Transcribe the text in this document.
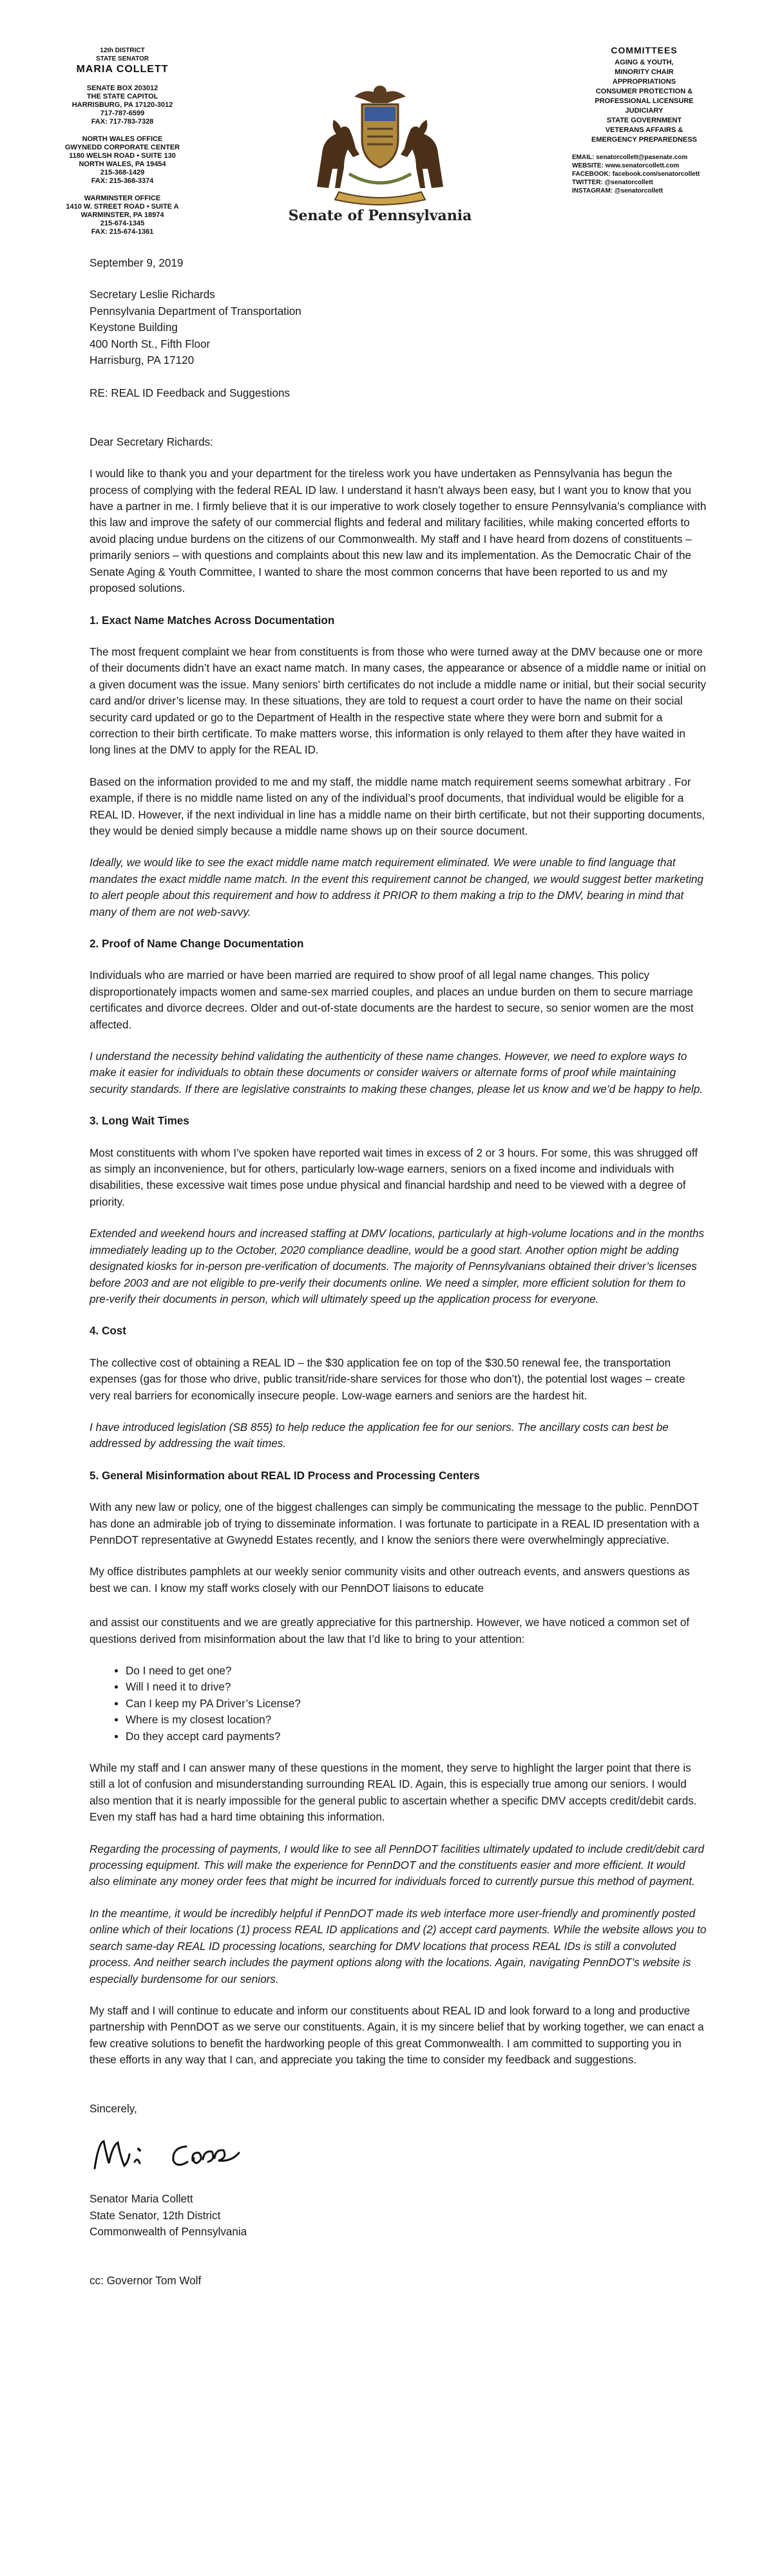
12th DISTRICT
STATE SENATOR
MARIA COLLETT
SENATE BOX 203012
THE STATE CAPITOL
HARRISBURG, PA 17120-3012
717-787-6599
FAX: 717-783-7328
NORTH WALES OFFICE
GWYNEDD CORPORATE CENTER
1180 WELSH ROAD • SUITE 130
NORTH WALES, PA 19454
215-368-1429
FAX: 215-368-3374
WARMINSTER OFFICE
1410 W. STREET ROAD • SUITE A
WARMINSTER, PA 18974
215-674-1345
FAX: 215-674-1361
Senate of Pennsylvania
COMMITTEES
AGING & YOUTH,
MINORITY CHAIR
APPROPRIATIONS
CONSUMER PROTECTION &
PROFESSIONAL LICENSURE
JUDICIARY
STATE GOVERNMENT
VETERANS AFFAIRS &
EMERGENCY PREPAREDNESS
EMAIL: senatorcollett@pasenate.com
WEBSITE: www.senatorcollett.com
FACEBOOK: facebook.com/senatorcollett
TWITTER: @senatorcollett
INSTAGRAM: @senatorcollett

September 9, 2019

Secretary Leslie Richards

Pennsylvania Department of Transportation

Keystone Building

400 North St., Fifth Floor

Harrisburg, PA 17120

RE: REAL ID Feedback and Suggestions

Dear Secretary Richards:

I would like to thank you and your department for the tireless work you have undertaken as Pennsylvania has begun the process of complying with the federal REAL ID law. I understand it hasn’t always been easy, but I want you to know that you have a partner in me. I firmly believe that it is our imperative to work closely together to ensure Pennsylvania’s compliance with this law and improve the safety of our commercial flights and federal and military facilities, while making concerted efforts to avoid placing undue burdens on the citizens of our Commonwealth. My staff and I have heard from dozens of constituents – primarily seniors – with questions and complaints about this new law and its implementation. As the Democratic Chair of the Senate Aging & Youth Committee, I wanted to share the most common concerns that have been reported to us and my proposed solutions.

1. Exact Name Matches Across Documentation

The most frequent complaint we hear from constituents is from those who were turned away at the DMV because one or more of their documents didn’t have an exact name match. In many cases, the appearance or absence of a middle name or initial on a given document was the issue. Many seniors’ birth certificates do not include a middle name or initial, but their social security card and/or driver’s license may. In these situations, they are told to request a court order to have the name on their social security card updated or go to the Department of Health in the respective state where they were born and submit for a correction to their birth certificate. To make matters worse, this information is only relayed to them after they have waited in long lines at the DMV to apply for the REAL ID.

Based on the information provided to me and my staff, the middle name match requirement seems somewhat arbitrary . For example, if there is no middle name listed on any of the individual’s proof documents, that individual would be eligible for a REAL ID. However, if the next individual in line has a middle name on their birth certificate, but not their supporting documents, they would be denied simply because a middle name shows up on their source document.

Ideally, we would like to see the exact middle name match requirement eliminated. We were unable to find language that mandates the exact middle name match. In the event this requirement cannot be changed, we would suggest better marketing to alert people about this requirement and how to address it PRIOR to them making a trip to the DMV, bearing in mind that many of them are not web-savvy.

2. Proof of Name Change Documentation

Individuals who are married or have been married are required to show proof of all legal name changes. This policy disproportionately impacts women and same-sex married couples, and places an undue burden on them to secure marriage certificates and divorce decrees. Older and out-of-state documents are the hardest to secure, so senior women are the most affected.

I understand the necessity behind validating the authenticity of these name changes. However, we need to explore ways to make it easier for individuals to obtain these documents or consider waivers or alternate forms of proof while maintaining security standards. If there are legislative constraints to making these changes, please let us know and we’d be happy to help.

3. Long Wait Times

Most constituents with whom I’ve spoken have reported wait times in excess of 2 or 3 hours. For some, this was shrugged off as simply an inconvenience, but for others, particularly low-wage earners, seniors on a fixed income and individuals with disabilities, these excessive wait times pose undue physical and financial hardship and need to be viewed with a degree of priority.

Extended and weekend hours and increased staffing at DMV locations, particularly at high-volume locations and in the months immediately leading up to the October, 2020 compliance deadline, would be a good start. Another option might be adding designated kiosks for in-person pre-verification of documents. The majority of Pennsylvanians obtained their driver’s licenses before 2003 and are not eligible to pre-verify their documents online. We need a simpler, more efficient solution for them to pre-verify their documents in person, which will ultimately speed up the application process for everyone.

4. Cost

The collective cost of obtaining a REAL ID – the $30 application fee on top of the $30.50 renewal fee, the transportation expenses (gas for those who drive, public transit/ride-share services for those who don’t), the potential lost wages – create very real barriers for economically insecure people. Low-wage earners and seniors are the hardest hit.

I have introduced legislation (SB 855) to help reduce the application fee for our seniors. The ancillary costs can best be addressed by addressing the wait times.

5. General Misinformation about REAL ID Process and Processing Centers

With any new law or policy, one of the biggest challenges can simply be communicating the message to the public. PennDOT has done an admirable job of trying to disseminate information. I was fortunate to participate in a REAL ID presentation with a PennDOT representative at Gwynedd Estates recently, and I know the seniors there were overwhelmingly appreciative.

My office distributes pamphlets at our weekly senior community visits and other outreach events, and answers questions as best we can. I know my staff works closely with our PennDOT liaisons to educate

and assist our constituents and we are greatly appreciative for this partnership. However, we have noticed a common set of questions derived from misinformation about the law that I’d like to bring to your attention:

• Do I need to get one?
• Will I need it to drive?
• Can I keep my PA Driver’s License?
• Where is my closest location?
• Do they accept card payments?

While my staff and I can answer many of these questions in the moment, they serve to highlight the larger point that there is still a lot of confusion and misunderstanding surrounding REAL ID. Again, this is especially true among our seniors. I would also mention that it is nearly impossible for the general public to ascertain whether a specific DMV accepts credit/debit cards. Even my staff has had a hard time obtaining this information.

Regarding the processing of payments, I would like to see all PennDOT facilities ultimately updated to include credit/debit card processing equipment. This will make the experience for PennDOT and the constituents easier and more efficient. It would also eliminate any money order fees that might be incurred for individuals forced to currently pursue this method of payment.

In the meantime, it would be incredibly helpful if PennDOT made its web interface more user-friendly and prominently posted online which of their locations (1) process REAL ID applications and (2) accept card payments. While the website allows you to search same-day REAL ID processing locations, searching for DMV locations that process REAL IDs is still a convoluted process. And neither search includes the payment options along with the locations. Again, navigating PennDOT’s website is especially burdensome for our seniors.

My staff and I will continue to educate and inform our constituents about REAL ID and look forward to a long and productive partnership with PennDOT as we serve our constituents. Again, it is my sincere belief that by working together, we can enact a few creative solutions to benefit the hardworking people of this great Commonwealth. I am committed to supporting you in these efforts in any way that I can, and appreciate you taking the time to consider my feedback and suggestions.

Sincerely,

Senator Maria Collett

State Senator, 12th District

Commonwealth of Pennsylvania

cc: Governor Tom Wolf
